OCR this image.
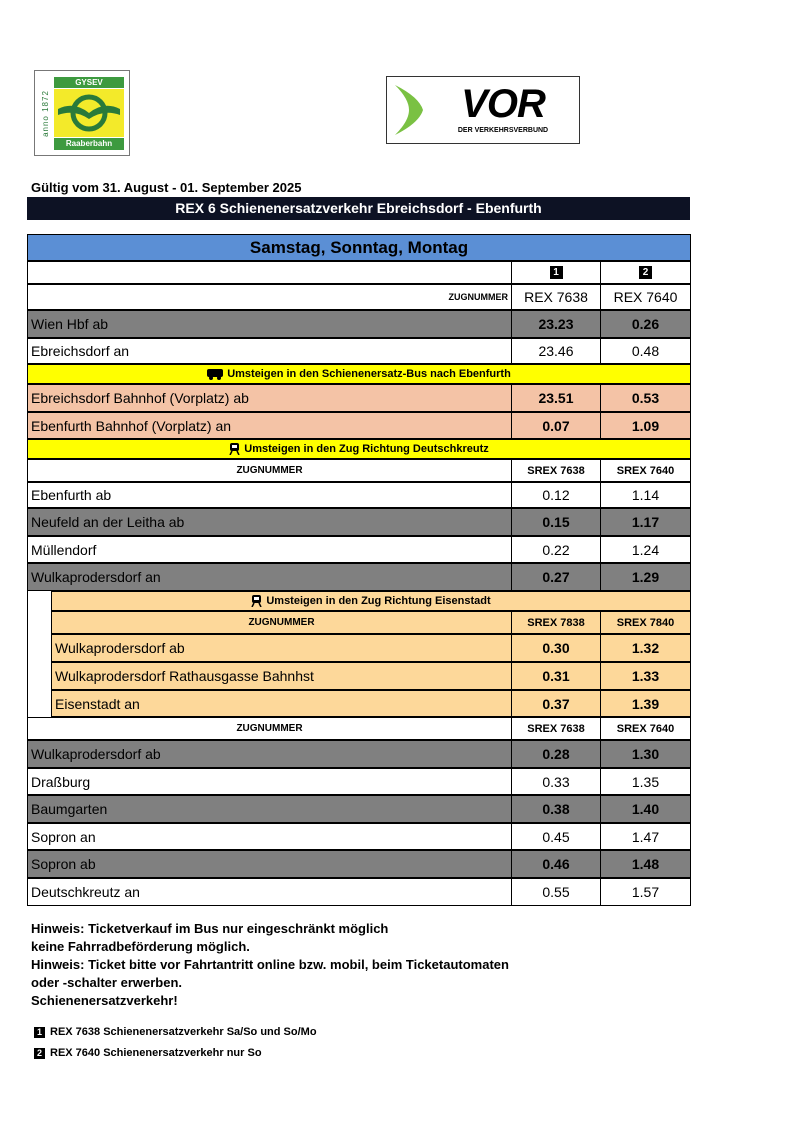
anno 1872
GYSEV
Raaberbahn
VOR
DER VERKEHRSVERBUND
Gültig vom 31. August - 01. September 2025
REX 6 Schienenersatzverkehr Ebreichsdorf - Ebenfurth
Samstag, Sonntag, Montag
1	2
ZUGNUMMER	REX 7638	REX 7640
Wien Hbf ab	23.23	0.26
Ebreichsdorf an	23.46	0.48
Umsteigen in den Schienenersatz-Bus nach Ebenfurth
Ebreichsdorf Bahnhof (Vorplatz) ab	23.51	0.53
Ebenfurth Bahnhof (Vorplatz) an	0.07	1.09
Umsteigen in den Zug Richtung Deutschkreutz
ZUGNUMMER	SREX 7638	SREX 7640
Ebenfurth ab	0.12	1.14
Neufeld an der Leitha ab	0.15	1.17
Müllendorf	0.22	1.24
Wulkaprodersdorf an	0.27	1.29
Umsteigen in den Zug Richtung Eisenstadt
ZUGNUMMER	SREX 7838	SREX 7840
Wulkaprodersdorf ab	0.30	1.32
Wulkaprodersdorf Rathausgasse Bahnhst	0.31	1.33
Eisenstadt an	0.37	1.39
ZUGNUMMER	SREX 7638	SREX 7640
Wulkaprodersdorf ab	0.28	1.30
Draßburg	0.33	1.35
Baumgarten	0.38	1.40
Sopron an	0.45	1.47
Sopron ab	0.46	1.48
Deutschkreutz an	0.55	1.57
Hinweis: Ticketverkauf im Bus nur eingeschränkt möglich
keine Fahrradbeförderung möglich.
Hinweis: Ticket bitte vor Fahrtantritt online bzw. mobil, beim Ticketautomaten
oder -schalter erwerben.
Schienenersatzverkehr!
1 REX 7638 Schienenersatzverkehr Sa/So und So/Mo
2 REX 7640 Schienenersatzverkehr nur So
